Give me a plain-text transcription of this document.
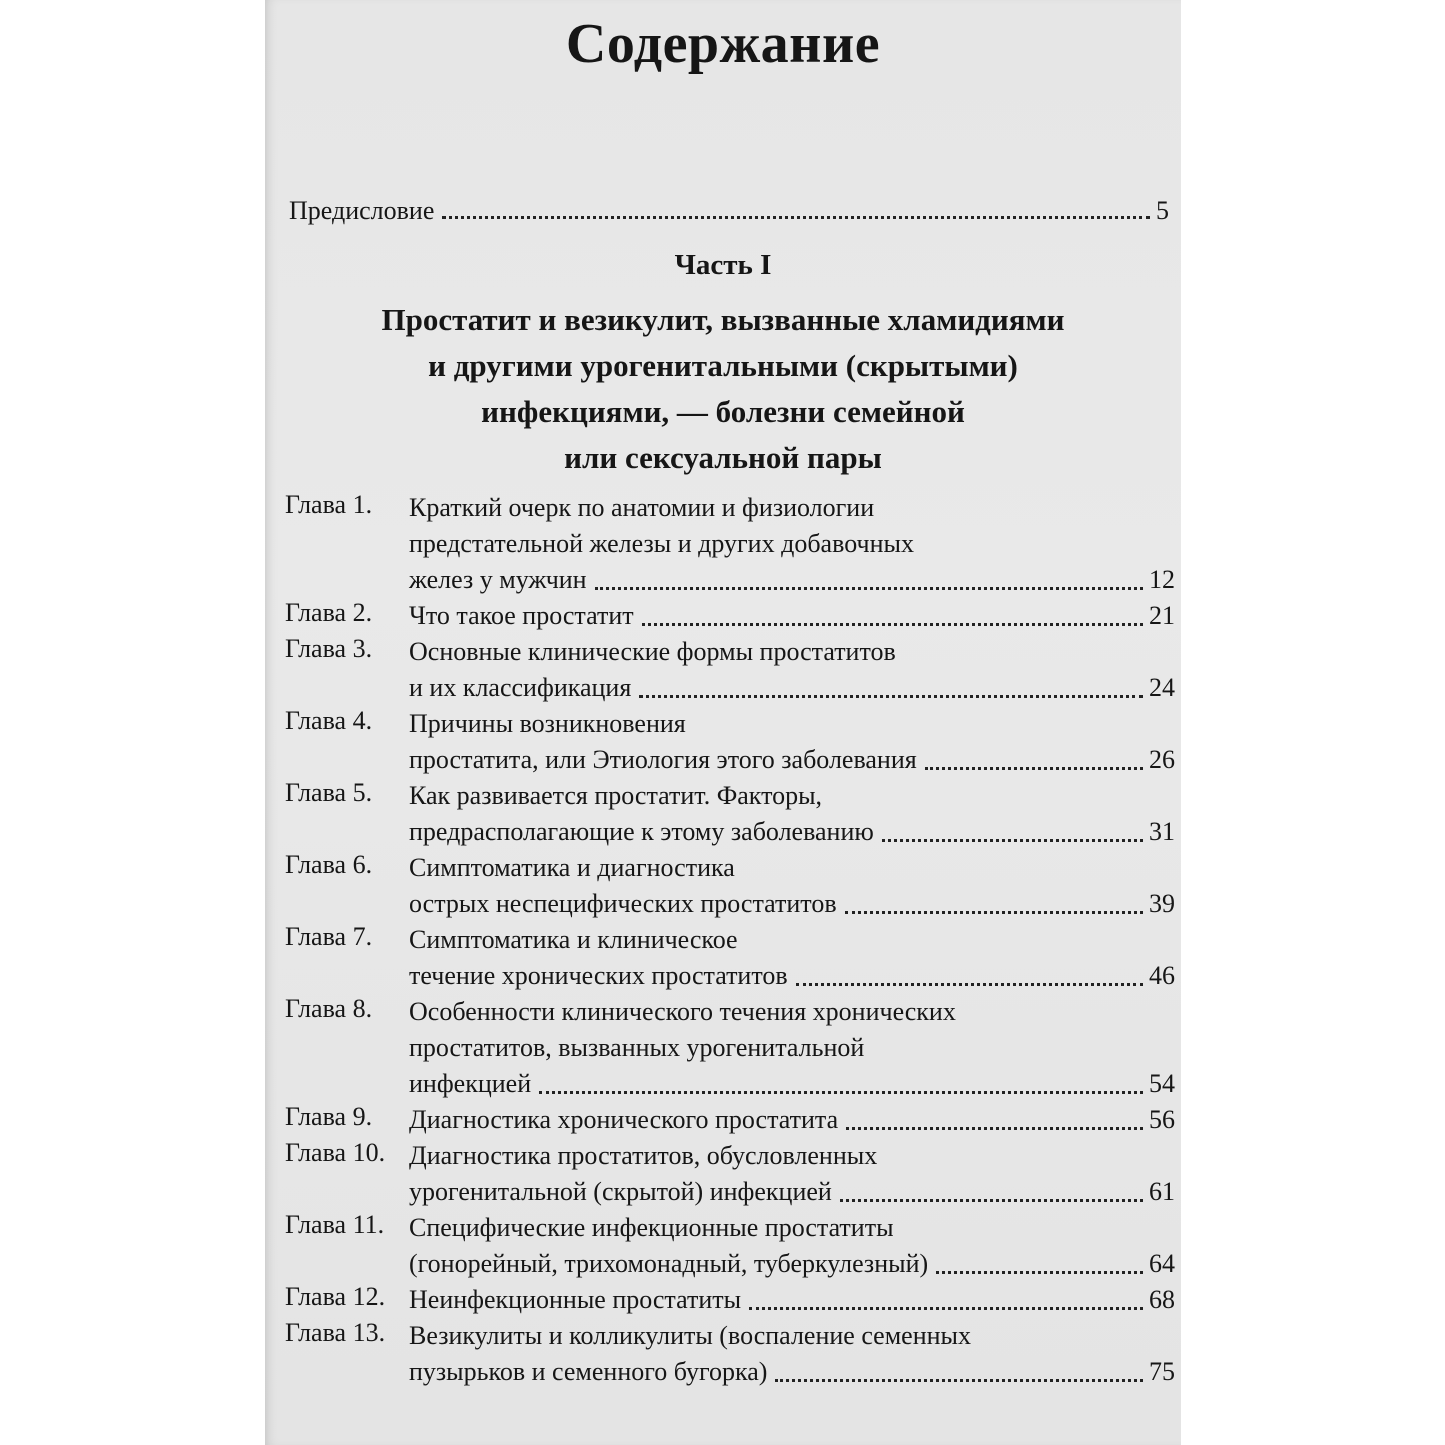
Содержание
Предисловие	5
Часть I
Простатит и везикулит, вызванные хламидиями
и другими урогенитальными (скрытыми)
инфекциями, — болезни семейной
или сексуальной пары
Глава 1. Краткий очерк по анатомии и физиологии
предстательной железы и других добавочных
желез у мужчин	12
Глава 2. Что такое простатит	21
Глава 3. Основные клинические формы простатитов
и их классификация	24
Глава 4. Причины возникновения
простатита, или Этиология этого заболевания	26
Глава 5. Как развивается простатит. Факторы,
предрасполагающие к этому заболеванию	31
Глава 6. Симптоматика и диагностика
острых неспецифических простатитов	39
Глава 7. Симптоматика и клиническое
течение хронических простатитов	46
Глава 8. Особенности клинического течения хронических
простатитов, вызванных урогенитальной
инфекцией	54
Глава 9. Диагностика хронического простатита	56
Глава 10. Диагностика простатитов, обусловленных
урогенитальной (скрытой) инфекцией	61
Глава 11. Специфические инфекционные простатиты
(гонорейный, трихомонадный, туберкулезный)	64
Глава 12. Неинфекционные простатиты	68
Глава 13. Везикулиты и колликулиты (воспаление семенных
пузырьков и семенного бугорка)	75
